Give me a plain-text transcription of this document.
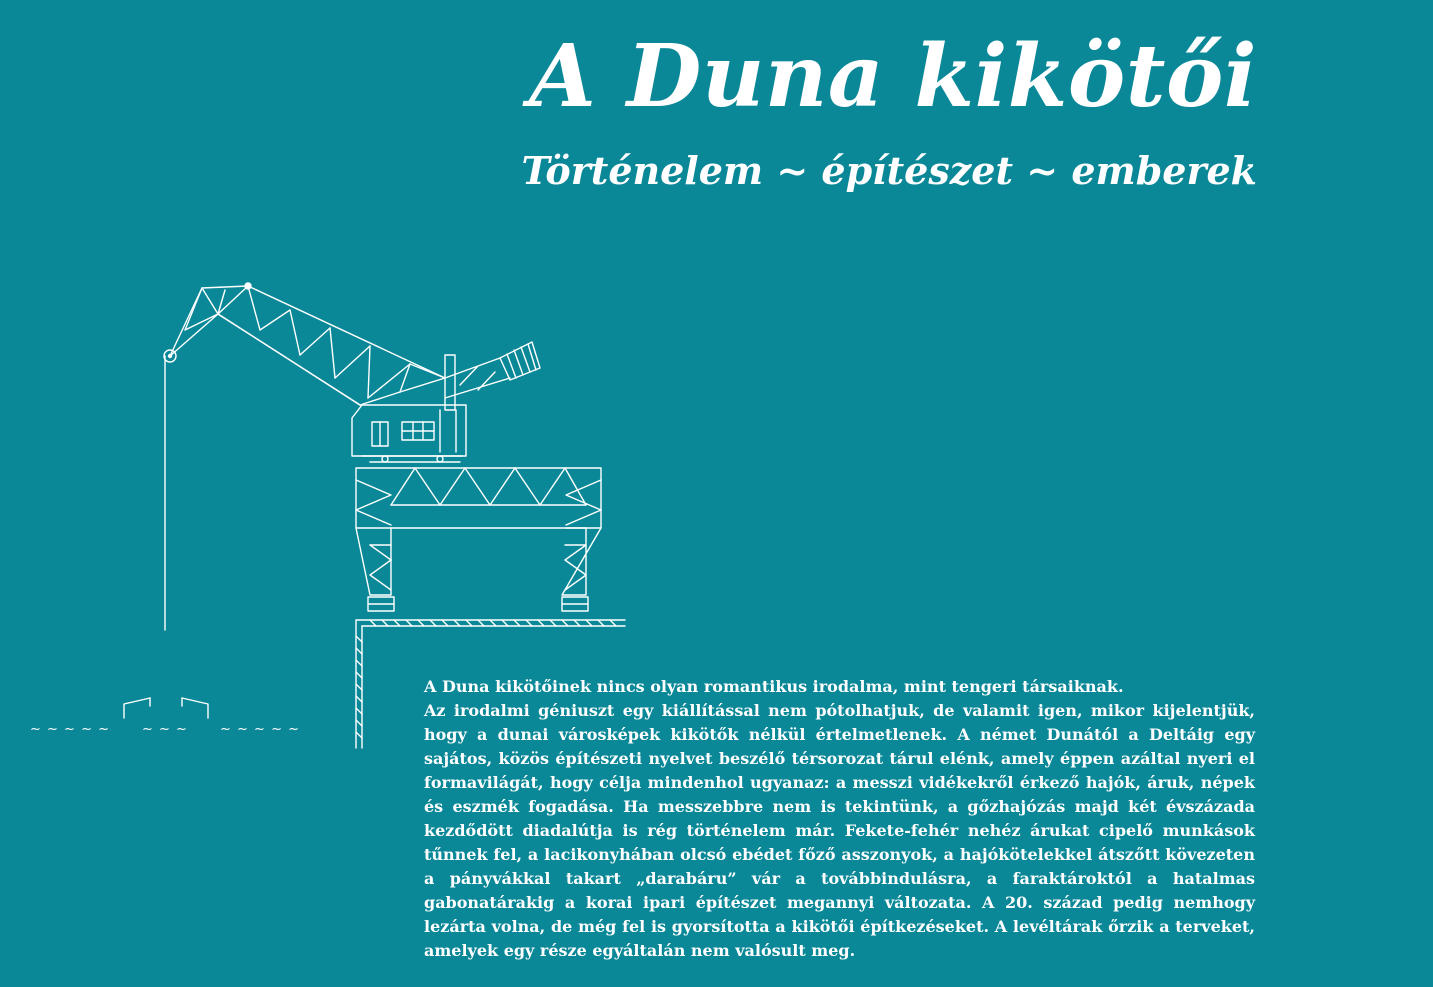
A Duna kikötői
Történelem ~ építészet ~ emberek
~ ~ ~ ~ ~ ~ ~ ~ ~ ~ ~ ~ ~
A Duna kikötőinek nincs olyan romantikus irodalma, mint tengeri társaiknak.
Az irodalmi géniuszt egy kiállítással nem pótolhatjuk, de valamit igen, mikor kijelentjük, hogy a dunai városképek kikötők nélkül értelmetlenek. A német Dunától a Deltáig egy sajátos, közös építészeti nyelvet beszélő térsorozat tárul elénk, amely éppen azáltal nyeri el formavilágát, hogy célja mindenhol ugyanaz: a messzi vidékekről érkező hajók, áruk, népek és eszmék fogadása. Ha messzebbre nem is tekintünk, a gőzhajózás majd két évszázada kezdődött diadalútja is rég történelem már. Fekete-fehér nehéz árukat cipelő munkások tűnnek fel, a lacikonyhában olcsó ebédet főző asszonyok, a hajókötelekkel átszőtt kövezeten a pányvákkal takart „darabáru” vár a továbbindulásra, a faraktároktól a hatalmas gabonatárakig a korai ipari építészet megannyi változata. A 20. század pedig nemhogy lezárta volna, de még fel is gyorsította a kikötői építkezéseket. A levéltárak őrzik a terveket, amelyek egy része egyáltalán nem valósult meg.
